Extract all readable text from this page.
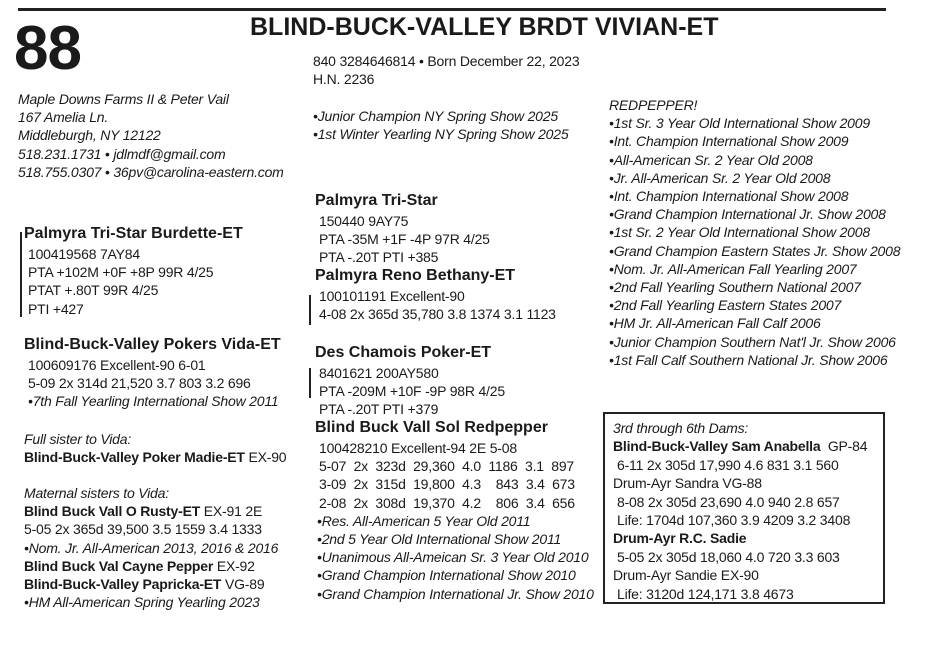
88	BLIND-BUCK-VALLEY BRDT VIVIAN-ET
840 3284646814 • Born December 22, 2023
H.N. 2236
•Junior Champion NY Spring Show 2025
•1st Winter Yearling NY Spring Show 2025
Maple Downs Farms II & Peter Vail
167 Amelia Ln.
Middleburgh, NY 12122
518.231.1731 • jdlmdf@gmail.com
518.755.0307 • 36pv@carolina-eastern.com
Palmyra Tri-Star Burdette-ET
100419568 7AY84
PTA +102M +0F +8P 99R 4/25
PTAT +.80T 99R 4/25
PTI +427
Blind-Buck-Valley Pokers Vida-ET
100609176 Excellent-90 6-01
5-09 2x 314d 21,520 3.7 803 3.2 696
•7th Fall Yearling International Show 2011
Full sister to Vida:
Blind-Buck-Valley Poker Madie-ET EX-90
Maternal sisters to Vida:
Blind Buck Vall O Rusty-ET EX-91 2E
5-05 2x 365d 39,500 3.5 1559 3.4 1333
•Nom. Jr. All-American 2013, 2016 & 2016
Blind Buck Val Cayne Pepper EX-92
Blind-Buck-Valley Papricka-ET VG-89
•HM All-American Spring Yearling 2023
Palmyra Tri-Star
150440 9AY75
PTA -35M +1F -4P 97R 4/25
PTA -.20T PTI +385
Palmyra Reno Bethany-ET
100101191 Excellent-90
4-08 2x 365d 35,780 3.8 1374 3.1 1123
Des Chamois Poker-ET
8401621 200AY580
PTA -209M +10F -9P 98R 4/25
PTA -.20T PTI +379
Blind Buck Vall Sol Redpepper
100428210 Excellent-94 2E 5-08
5-07  2x  323d  29,360  4.0  1186  3.1  897
3-09  2x  315d  19,800  4.3    843  3.4  673
2-08  2x  308d  19,370  4.2    806  3.4  656
•Res. All-American 5 Year Old 2011
•2nd 5 Year Old International Show 2011
•Unanimous All-Ameican Sr. 3 Year Old 2010
•Grand Champion International Show 2010
•Grand Champion International Jr. Show 2010
REDPEPPER!
•1st Sr. 3 Year Old International Show 2009
•Int. Champion International Show 2009
•All-American Sr. 2 Year Old 2008
•Jr. All-American Sr. 2 Year Old 2008
•Int. Champion International Show 2008
•Grand Champion International Jr. Show 2008
•1st Sr. 2 Year Old International Show 2008
•Grand Champion Eastern States Jr. Show 2008
•Nom. Jr. All-American Fall Yearling 2007
•2nd Fall Yearling Southern National 2007
•2nd Fall Yearling Eastern States 2007
•HM Jr. All-American Fall Calf 2006
•Junior Champion Southern Nat'l Jr. Show 2006
•1st Fall Calf Southern National Jr. Show 2006
3rd through 6th Dams:
Blind-Buck-Valley Sam Anabella  GP-84
6-11 2x 305d 17,990 4.6 831 3.1 560
Drum-Ayr Sandra VG-88
8-08 2x 305d 23,690 4.0 940 2.8 657
Life: 1704d 107,360 3.9 4209 3.2 3408
Drum-Ayr R.C. Sadie
5-05 2x 305d 18,060 4.0 720 3.3 603
Drum-Ayr Sandie EX-90
Life: 3120d 124,171 3.8 4673
